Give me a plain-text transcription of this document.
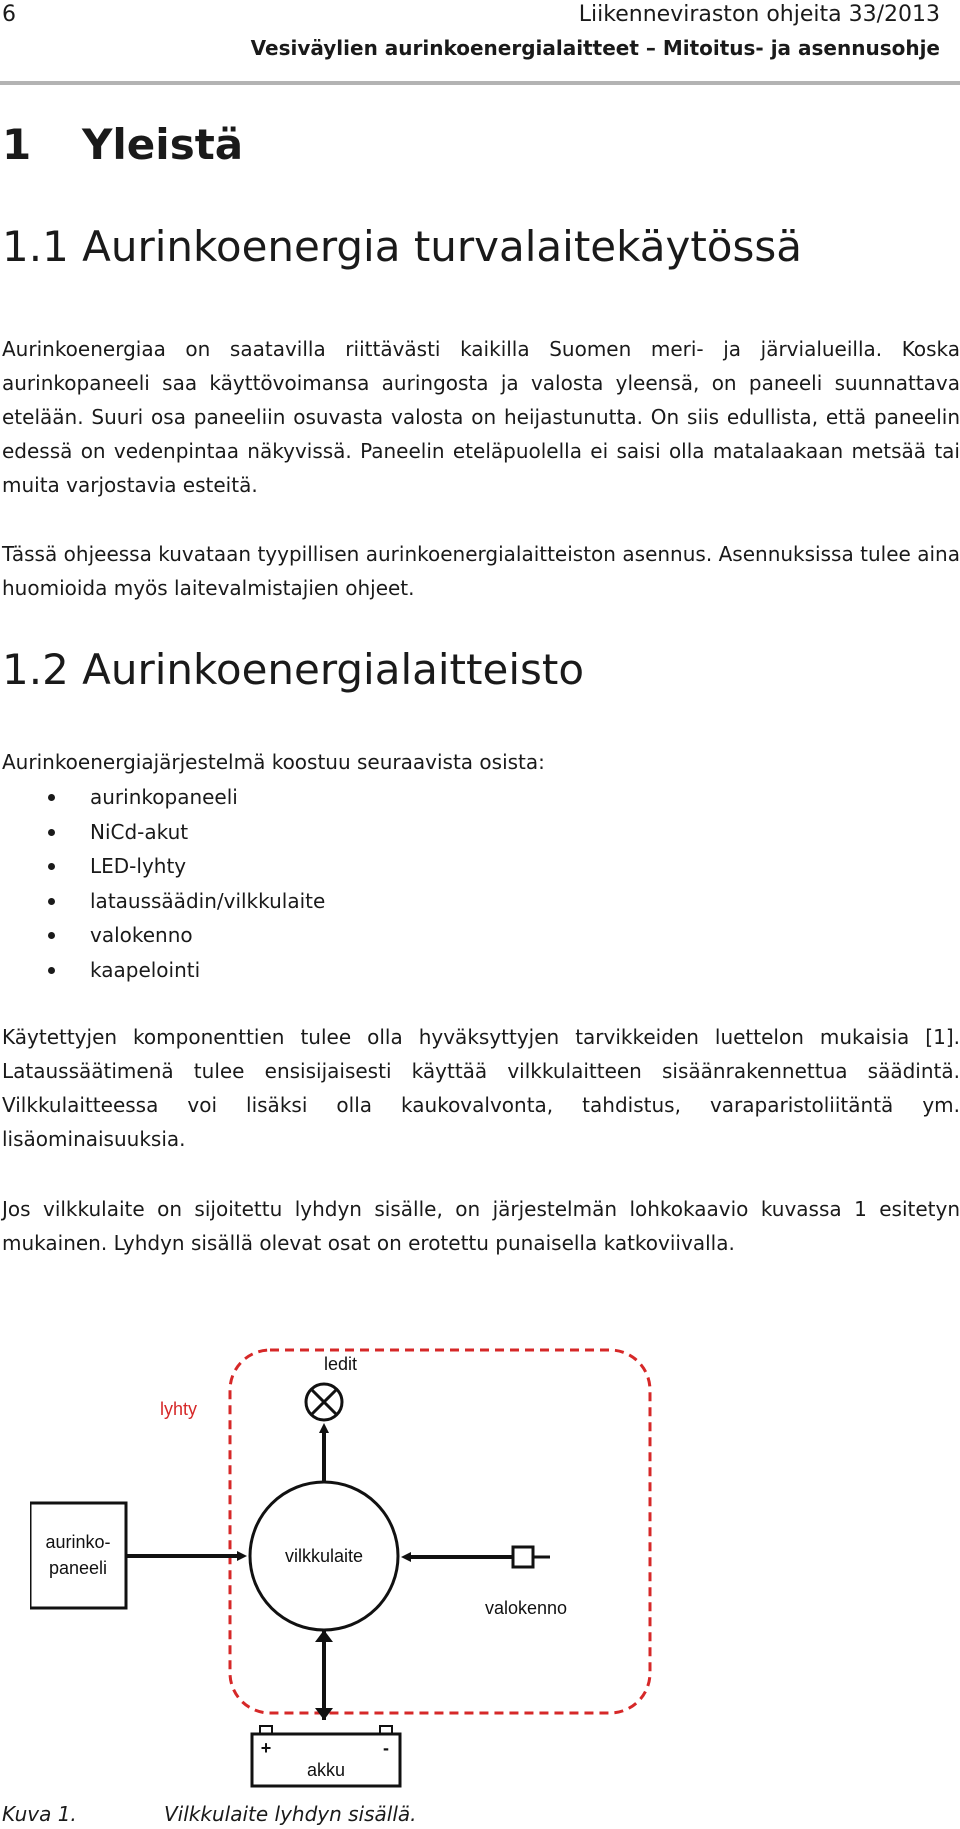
6	Liikenneviraston ohjeita 33/2013
Vesiväylien aurinkoenergialaitteet – Mitoitus- ja asennusohje
1 Yleistä
1.1 Aurinkoenergia turvalaitekäytössä

Aurinkoenergiaa on saatavilla riittävästi kaikilla Suomen meri- ja järvialueilla. Koska aurinkopaneeli saa käyttövoimansa auringosta ja valosta yleensä, on paneeli suunnattava etelään. Suuri osa paneeliin osuvasta valosta on heijastunutta. On siis edullista, että paneelin edessä on vedenpintaa näkyvissä. Paneelin eteläpuolella ei saisi olla matalaakaan metsää tai muita varjostavia esteitä.

Tässä ohjeessa kuvataan tyypillisen aurinkoenergialaitteiston asennus. Asennuksissa tulee aina huomioida myös laitevalmistajien ohjeet.

1.2 Aurinkoenergialaitteisto

Aurinkoenergiajärjestelmä koostuu seuraavista osista:

aurinkopaneeli
NiCd-akut
LED-lyhty
lataussäädin/vilkkulaite
valokenno
kaapelointi

Käytettyjen komponenttien tulee olla hyväksyttyjen tarvikkeiden luettelon mukaisia [1]. Lataussäätimenä tulee ensisijaisesti käyttää vilkkulaitteen sisäänrakennettua säädintä. Vilkkulaitteessa voi lisäksi olla kaukovalvonta, tahdistus, varaparistoliitäntä ym. lisäominaisuuksia.

Jos vilkkulaite on sijoitettu lyhdyn sisälle, on järjestelmän lohkokaavio kuvassa 1 esitetyn mukainen. Lyhdyn sisällä olevat osat on erotettu punaisella katkoviivalla.

lyhty
ledit
vilkkulaite
aurinko-
paneeli
valokenno
+	-
akku
Kuva 1.	Vilkkulaite lyhdyn sisällä.
